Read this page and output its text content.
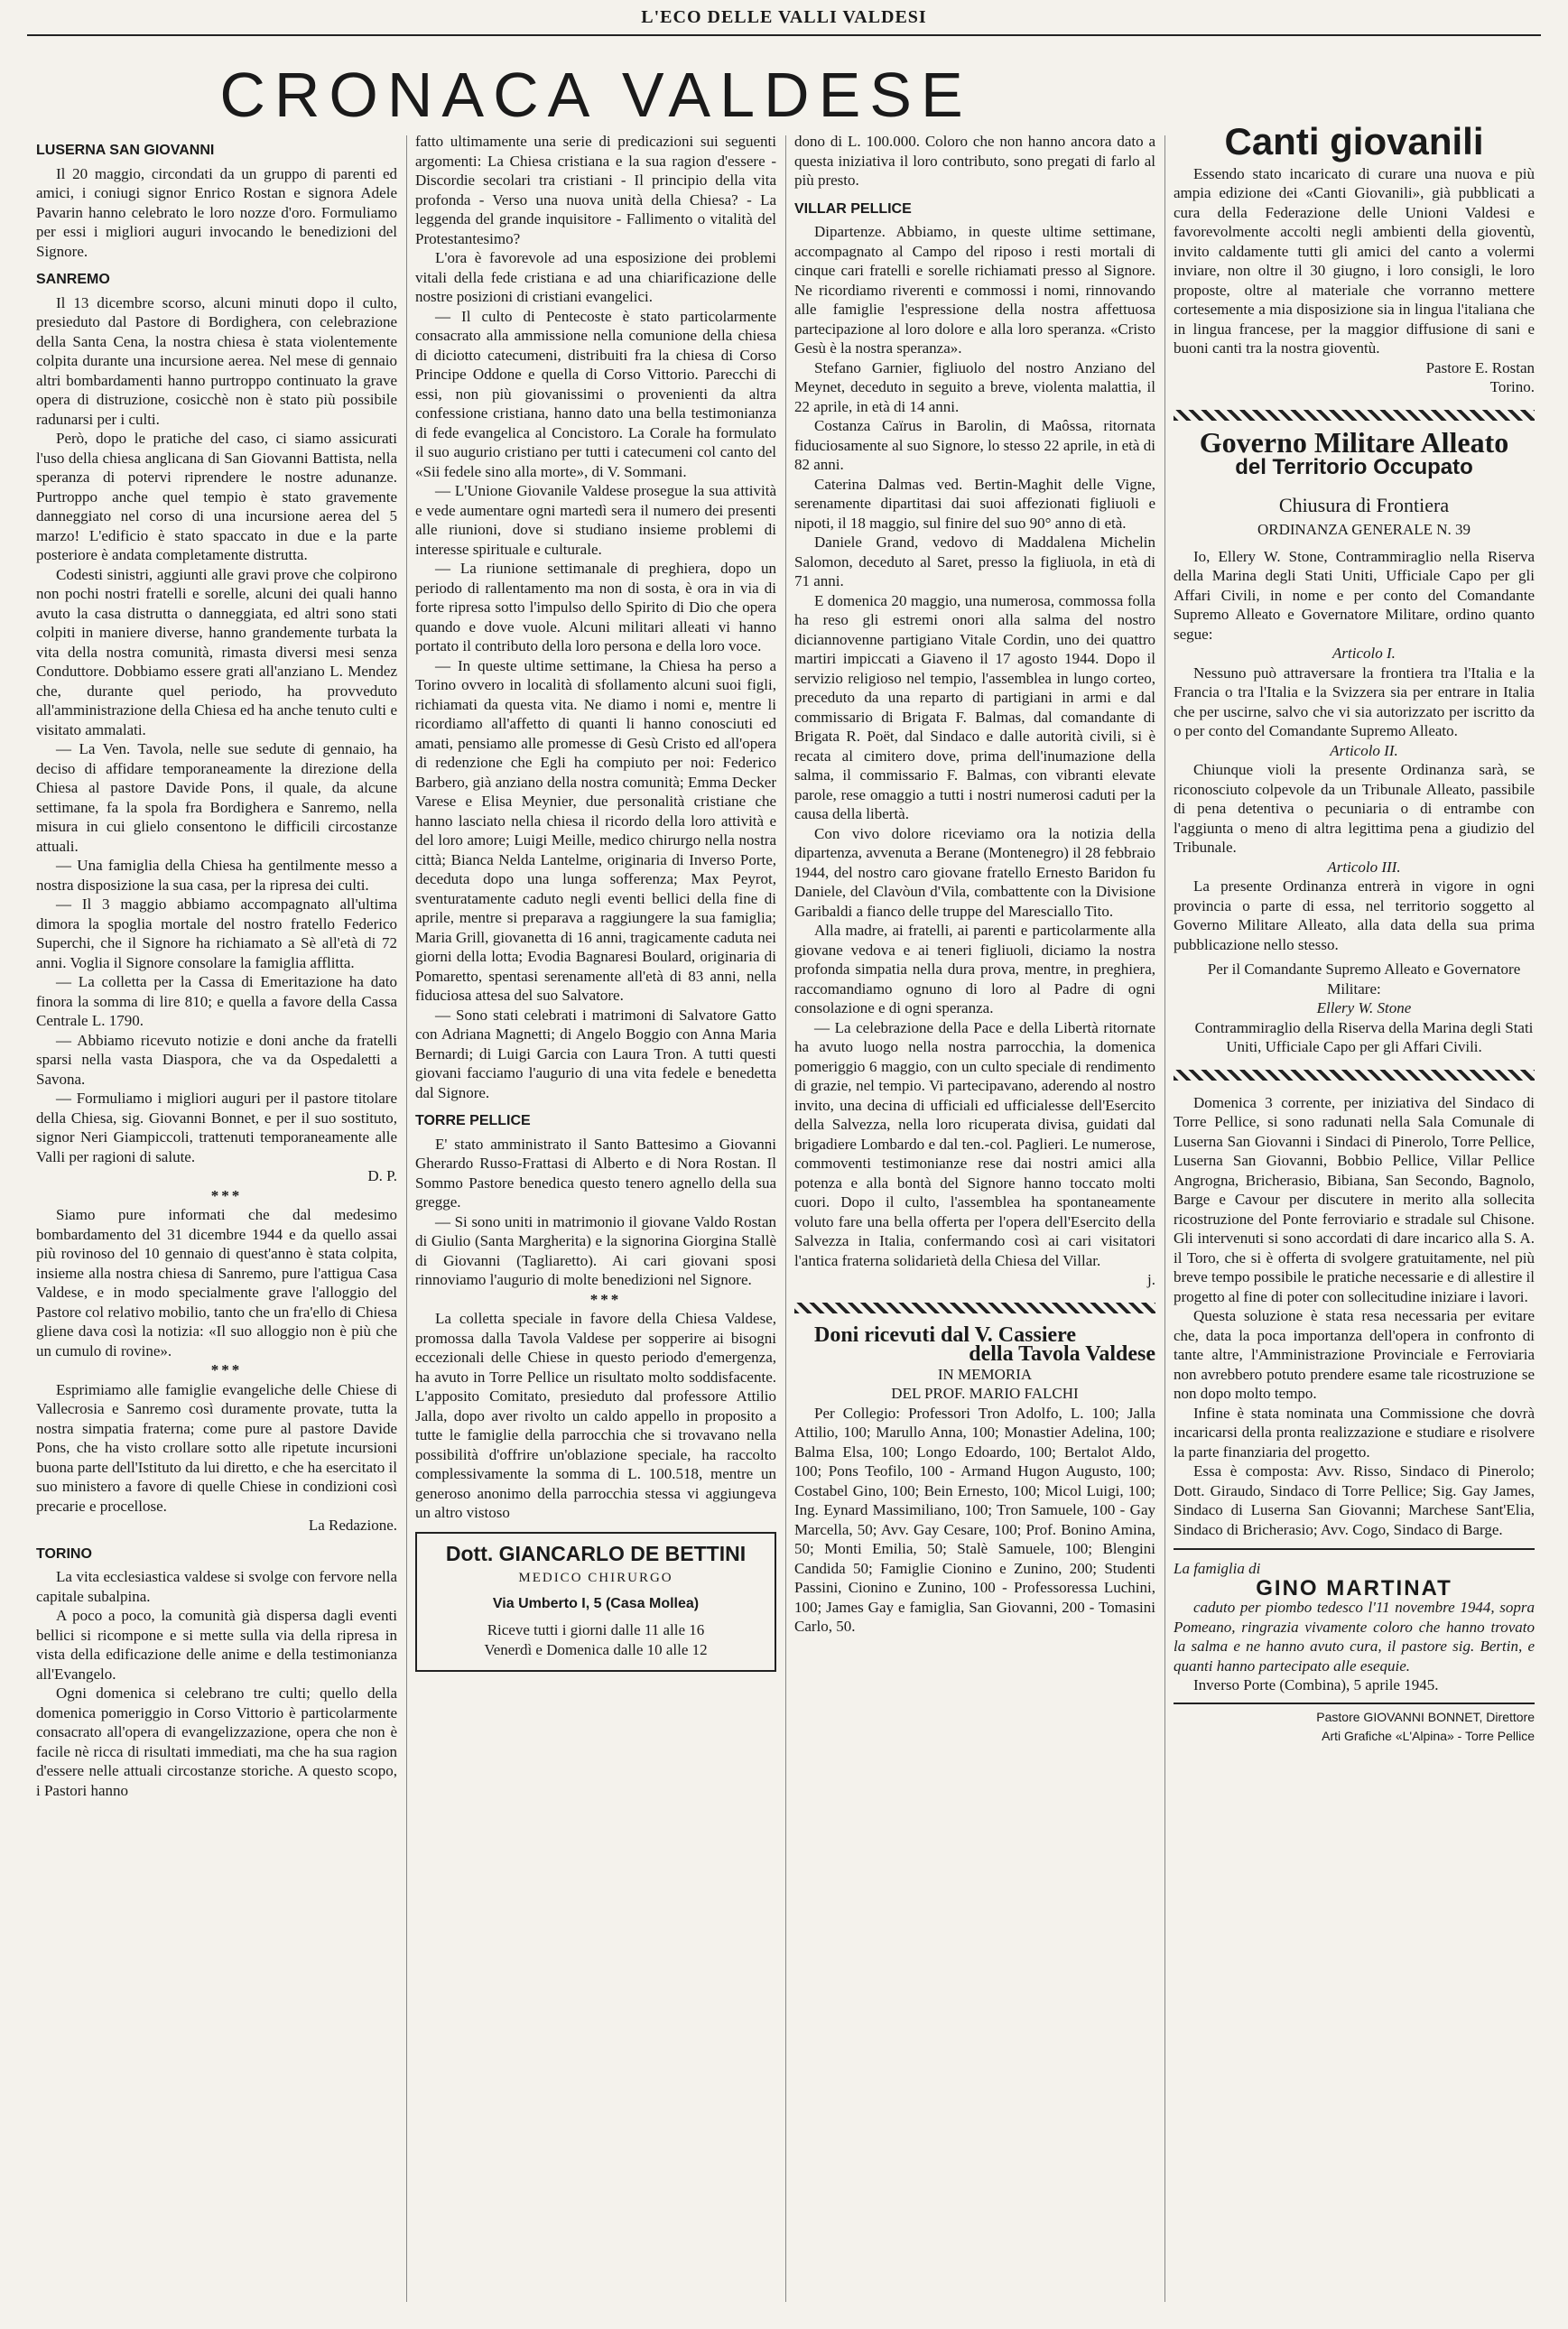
L'ECO DELLE VALLI VALDESI
CRONACA VALDESE
LUSERNA SAN GIOVANNI

Il 20 maggio, circondati da un gruppo di parenti ed amici, i coniugi signor Enrico Rostan e signora Adele Pavarin hanno celebrato le loro nozze d'oro. Formuliamo per essi i migliori auguri invocando le benedizioni del Signore.

SANREMO

Il 13 dicembre scorso, alcuni minuti dopo il culto, presieduto dal Pastore di Bordighera, con celebrazione della Santa Cena, la nostra chiesa è stata violentemente colpita durante una incursione aerea. Nel mese di gennaio altri bombardamenti hanno purtroppo continuato la grave opera di distruzione, cosicchè non è stato più possibile radunarsi per i culti.

Però, dopo le pratiche del caso, ci siamo assicurati l'uso della chiesa anglicana di San Giovanni Battista, nella speranza di potervi riprendere le nostre adunanze. Purtroppo anche quel tempio è stato gravemente danneggiato nel corso di una incursione aerea del 5 marzo! L'edificio è stato spaccato in due e la parte posteriore è andata completamente distrutta.

Codesti sinistri, aggiunti alle gravi prove che colpirono non pochi nostri fratelli e sorelle, alcuni dei quali hanno avuto la casa distrutta o danneggiata, ed altri sono stati colpiti in maniere diverse, hanno grandemente turbata la vita della nostra comunità, rimasta diversi mesi senza Conduttore. Dobbiamo essere grati all'anziano L. Mendez che, durante quel periodo, ha provveduto all'amministrazione della Chiesa ed ha anche tenuto culti e visitato ammalati.

— La Ven. Tavola, nelle sue sedute di gennaio, ha deciso di affidare temporaneamente la direzione della Chiesa al pastore Davide Pons, il quale, da alcune settimane, fa la spola fra Bordighera e Sanremo, nella misura in cui glielo consentono le difficili circostanze attuali.

— Una famiglia della Chiesa ha gentilmente messo a nostra disposizione la sua casa, per la ripresa dei culti.

— Il 3 maggio abbiamo accompagnato all'ultima dimora la spoglia mortale del nostro fratello Federico Superchi, che il Signore ha richiamato a Sè all'età di 72 anni. Voglia il Signore consolare la famiglia afflitta.

— La colletta per la Cassa di Emeritazione ha dato finora la somma di lire 810; e quella a favore della Cassa Centrale L. 1790.

— Abbiamo ricevuto notizie e doni anche da fratelli sparsi nella vasta Diaspora, che va da Ospedaletti a Savona.

— Formuliamo i migliori auguri per il pastore titolare della Chiesa, sig. Giovanni Bonnet, e per il suo sostituto, signor Neri Giampiccoli, trattenuti temporaneamente alle Valli per ragioni di salute.

D. P.

***

Siamo pure informati che dal medesimo bombardamento del 31 dicembre 1944 e da quello assai più rovinoso del 10 gennaio di quest'anno è stata colpita, insieme alla nostra chiesa di Sanremo, pure l'attigua Casa Valdese, e in modo specialmente grave l'alloggio del Pastore col relativo mobilio, tanto che un fra'ello di Chiesa gliene dava così la notizia: «Il suo alloggio non è più che un cumulo di rovine».

***

Esprimiamo alle famiglie evangeliche delle Chiese di Vallecrosia e Sanremo così duramente provate, tutta la nostra simpatia fraterna; come pure al pastore Davide Pons, che ha visto crollare sotto alle ripetute incursioni buona parte dell'Istituto da lui diretto, e che ha esercitato il suo ministero a favore di quelle Chiese in condizioni così precarie e procellose.

La Redazione.

TORINO

La vita ecclesiastica valdese si svolge con fervore nella capitale subalpina.

A poco a poco, la comunità già dispersa dagli eventi bellici si ricompone e si mette sulla via della ripresa in vista della edificazione delle anime e della testimonianza all'Evangelo.

Ogni domenica si celebrano tre culti; quello della domenica pomeriggio in Corso Vittorio è particolarmente consacrato all'opera di evangelizzazione, opera che non è facile nè ricca di risultati immediati, ma che ha sua ragion d'essere nelle attuali circostanze storiche. A questo scopo, i Pastori hanno

fatto ultimamente una serie di predicazioni sui seguenti argomenti: La Chiesa cristiana e la sua ragion d'essere - Discordie secolari tra cristiani - Il principio della vita profonda - Verso una nuova unità della Chiesa? - La leggenda del grande inquisitore - Fallimento o vitalità del Protestantesimo?

L'ora è favorevole ad una esposizione dei problemi vitali della fede cristiana e ad una chiarificazione delle nostre posizioni di cristiani evangelici.

— Il culto di Pentecoste è stato particolarmente consacrato alla ammissione nella comunione della chiesa di diciotto catecumeni, distribuiti fra la chiesa di Corso Principe Oddone e quella di Corso Vittorio. Parecchi di essi, non più giovanissimi o provenienti da altra confessione cristiana, hanno dato una bella testimonianza di fede evangelica al Concistoro. La Corale ha formulato il suo augurio cristiano per tutti i catecumeni col canto del «Sii fedele sino alla morte», di V. Sommani.

— L'Unione Giovanile Valdese prosegue la sua attività e vede aumentare ogni martedì sera il numero dei presenti alle riunioni, dove si studiano insieme problemi di interesse spirituale e culturale.

— La riunione settimanale di preghiera, dopo un periodo di rallentamento ma non di sosta, è ora in via di forte ripresa sotto l'impulso dello Spirito di Dio che opera quando e dove vuole. Alcuni militari alleati vi hanno portato il contributo della loro persona e della loro voce.

— In queste ultime settimane, la Chiesa ha perso a Torino ovvero in località di sfollamento alcuni suoi figli, richiamati da questa vita. Ne diamo i nomi e, mentre li ricordiamo all'affetto di quanti li hanno conosciuti ed amati, pensiamo alle promesse di Gesù Cristo ed all'opera di redenzione che Egli ha compiuto per noi: Federico Barbero, già anziano della nostra comunità; Emma Decker Varese e Elisa Meynier, due personalità cristiane che hanno lasciato nella chiesa il ricordo della loro attività e del loro amore; Luigi Meille, medico chirurgo nella nostra città; Bianca Nelda Lantelme, originaria di Inverso Porte, deceduta dopo una lunga sofferenza; Max Peyrot, sventuratamente caduto negli eventi bellici della fine di aprile, mentre si preparava a raggiungere la sua famiglia; Maria Grill, giovanetta di 16 anni, tragicamente caduta nei giorni della lotta; Evodia Bagnaresi Boulard, originaria di Pomaretto, spentasi serenamente all'età di 83 anni, nella fiduciosa attesa del suo Salvatore.

— Sono stati celebrati i matrimoni di Salvatore Gatto con Adriana Magnetti; di Angelo Boggio con Anna Maria Bernardi; di Luigi Garcia con Laura Tron. A tutti questi giovani facciamo l'augurio di una vita fedele e benedetta dal Signore.

TORRE PELLICE

E' stato amministrato il Santo Battesimo a Giovanni Gherardo Russo-Frattasi di Alberto e di Nora Rostan. Il Sommo Pastore benedica questo tenero agnello della sua gregge.

— Si sono uniti in matrimonio il giovane Valdo Rostan di Giulio (Santa Margherita) e la signorina Giorgina Stallè di Giovanni (Tagliaretto). Ai cari giovani sposi rinnoviamo l'augurio di molte benedizioni nel Signore.

***

La colletta speciale in favore della Chiesa Valdese, promossa dalla Tavola Valdese per sopperire ai bisogni eccezionali delle Chiese in questo periodo d'emergenza, ha avuto in Torre Pellice un risultato molto soddisfacente. L'apposito Comitato, presieduto dal professore Attilio Jalla, dopo aver rivolto un caldo appello in proposito a tutte le famiglie della parrocchia che si trovavano nella possibilità d'offrire un'oblazione speciale, ha raccolto complessivamente la somma di L. 100.518, mentre un generoso anonimo della parrocchia stessa vi aggiungeva un altro vistoso

Dott. GIANCARLO DE BETTINI
MEDICO CHIRURGO
Via Umberto I, 5 (Casa Mollea)
Riceve tutti i giorni dalle 11 alle 16
Venerdì e Domenica dalle 10 alle 12

dono di L. 100.000. Coloro che non hanno ancora dato a questa iniziativa il loro contributo, sono pregati di farlo al più presto.

VILLAR PELLICE

Dipartenze. Abbiamo, in queste ultime settimane, accompagnato al Campo del riposo i resti mortali di cinque cari fratelli e sorelle richiamati presso al Signore. Ne ricordiamo riverenti e commossi i nomi, rinnovando alle famiglie l'espressione della nostra affettuosa partecipazione al loro dolore e alla loro speranza. «Cristo Gesù è la nostra speranza».

Stefano Garnier, figliuolo del nostro Anziano del Meynet, deceduto in seguito a breve, violenta malattia, il 22 aprile, in età di 14 anni.

Costanza Caïrus in Barolin, di Maôssa, ritornata fiduciosamente al suo Signore, lo stesso 22 aprile, in età di 82 anni.

Caterina Dalmas ved. Bertin-Maghit delle Vigne, serenamente dipartitasi dai suoi affezionati figliuoli e nipoti, il 18 maggio, sul finire del suo 90° anno di età.

Daniele Grand, vedovo di Maddalena Michelin Salomon, deceduto al Saret, presso la figliuola, in età di 71 anni.

E domenica 20 maggio, una numerosa, commossa folla ha reso gli estremi onori alla salma del nostro diciannovenne partigiano Vitale Cordin, uno dei quattro martiri impiccati a Giaveno il 17 agosto 1944. Dopo il servizio religioso nel tempio, l'assemblea in lungo corteo, preceduto da una reparto di partigiani in armi e dal commissario di Brigata F. Balmas, dal comandante di Brigata R. Poët, dal Sindaco e dalle autorità civili, si è recata al cimitero dove, prima dell'inumazione della salma, il commissario F. Balmas, con vibranti elevate parole, rese omaggio a tutti i nostri numerosi caduti per la causa della libertà.

Con vivo dolore riceviamo ora la notizia della dipartenza, avvenuta a Berane (Montenegro) il 28 febbraio 1944, del nostro caro giovane fratello Ernesto Baridon fu Daniele, del Clavòun d'Vila, combattente con la Divisione Garibaldi a fianco delle truppe del Maresciallo Tito.

Alla madre, ai fratelli, ai parenti e particolarmente alla giovane vedova e ai teneri figliuoli, diciamo la nostra profonda simpatia nella dura prova, mentre, in preghiera, raccomandiamo ognuno di loro al Padre di ogni consolazione e di ogni speranza.

— La celebrazione della Pace e della Libertà ritornate ha avuto luogo nella nostra parrocchia, la domenica pomeriggio 6 maggio, con un culto speciale di rendimento di grazie, nel tempio. Vi partecipavano, aderendo al nostro invito, una decina di ufficiali ed ufficialesse dell'Esercito della Salvezza, nella loro ricuperata divisa, guidati dal brigadiere Lombardo e dal ten.-col. Paglieri. Le numerose, commoventi testimonianze rese dai nostri amici alla potenza e alla bontà del Signore hanno toccato molti cuori. Dopo il culto, l'assemblea ha spontaneamente voluto fare una bella offerta per l'opera dell'Esercito della Salvezza in Italia, confermando così ai cari visitatori l'antica fraterna solidarietà della Chiesa del Villar.

j.

Doni ricevuti dal V. Cassiere

della Tavola Valdese

IN MEMORIA

DEL PROF. MARIO FALCHI

Per Collegio: Professori Tron Adolfo, L. 100; Jalla Attilio, 100; Marullo Anna, 100; Monastier Adelina, 100; Balma Elsa, 100; Longo Edoardo, 100; Bertalot Aldo, 100; Pons Teofilo, 100 - Armand Hugon Augusto, 100; Costabel Gino, 100; Bein Ernesto, 100; Micol Luigi, 100; Ing. Eynard Massimiliano, 100; Tron Samuele, 100 - Gay Marcella, 50; Avv. Gay Cesare, 100; Prof. Bonino Amina, 50; Monti Emilia, 50; Stalè Samuele, 100; Blengini Candida 50; Famiglie Cionino e Zunino, 200; Studenti Passini, Cionino e Zunino, 100 - Professoressa Luchini, 100; James Gay e famiglia, San Giovanni, 200 - Tomasini Carlo, 50.

Canti giovanili

Essendo stato incaricato di curare una nuova e più ampia edizione dei «Canti Giovanili», già pubblicati a cura della Federazione delle Unioni Valdesi e favorevolmente accolti negli ambienti della gioventù, invito caldamente tutti gli amici del canto a volermi inviare, non oltre il 30 giugno, i loro consigli, le loro proposte, oltre al materiale che vorranno mettere cortesemente a mia disposizione sia in lingua l'italiana che in lingua francese, per la maggior diffusione di sani e buoni canti tra la nostra gioventù.

Pastore E. Rostan

Torino.

Governo Militare Alleato
del Territorio Occupato

Chiusura di Frontiera

ORDINANZA GENERALE N. 39

Io, Ellery W. Stone, Contrammiraglio nella Riserva della Marina degli Stati Uniti, Ufficiale Capo per gli Affari Civili, in nome e per conto del Comandante Supremo Alleato e Governatore Militare, ordino quanto segue:

Articolo I.

Nessuno può attraversare la frontiera tra l'Italia e la Francia o tra l'Italia e la Svizzera sia per entrare in Italia che per uscirne, salvo che vi sia autorizzato per iscritto da o per conto del Comandante Supremo Alleato.

Articolo II.

Chiunque violi la presente Ordinanza sarà, se riconosciuto colpevole da un Tribunale Alleato, passibile di pena detentiva o pecuniaria o di entrambe con l'aggiunta o meno di altra legittima pena a giudizio del Tribunale.

Articolo III.

La presente Ordinanza entrerà in vigore in ogni provincia o parte di essa, nel territorio soggetto al Governo Militare Alleato, alla data della sua prima pubblicazione nello stesso.

Per il Comandante Supremo Alleato e Governatore Militare:

Ellery W. Stone

Contrammiraglio della Riserva della Marina degli Stati Uniti, Ufficiale Capo per gli Affari Civili.

Domenica 3 corrente, per iniziativa del Sindaco di Torre Pellice, si sono radunati nella Sala Comunale di Luserna San Giovanni i Sindaci di Pinerolo, Torre Pellice, Luserna San Giovanni, Bobbio Pellice, Villar Pellice Angrogna, Bricherasio, Bibiana, San Secondo, Bagnolo, Barge e Cavour per discutere in merito alla sollecita ricostruzione del Ponte ferroviario e stradale sul Chisone. Gli intervenuti si sono accordati di dare incarico alla S. A. il Toro, che si è offerta di svolgere gratuitamente, nel più breve tempo possibile le pratiche necessarie e di allestire il progetto al fine di poter con sollecitudine iniziare i lavori.

Questa soluzione è stata resa necessaria per evitare che, data la poca importanza dell'opera in confronto di tante altre, l'Amministrazione Provinciale e Ferroviaria non avrebbero potuto prendere esame tale ricostruzione se non dopo molto tempo.

Infine è stata nominata una Commissione che dovrà incaricarsi della pronta realizzazione e studiare e risolvere la parte finanziaria del progetto.

Essa è composta: Avv. Risso, Sindaco di Pinerolo; Dott. Giraudo, Sindaco di Torre Pellice; Sig. Gay James, Sindaco di Luserna San Giovanni; Marchese Sant'Elia, Sindaco di Bricherasio; Avv. Cogo, Sindaco di Barge.

La famiglia di

GINO MARTINAT

caduto per piombo tedesco l'11 novembre 1944, sopra Pomeano, ringrazia vivamente coloro che hanno trovato la salma e ne hanno avuto cura, il pastore sig. Bertin, e quanti hanno partecipato alle esequie.

Inverso Porte (Combina), 5 aprile 1945.

Pastore GIOVANNI BONNET, Direttore

Arti Grafiche «L'Alpina» - Torre Pellice
